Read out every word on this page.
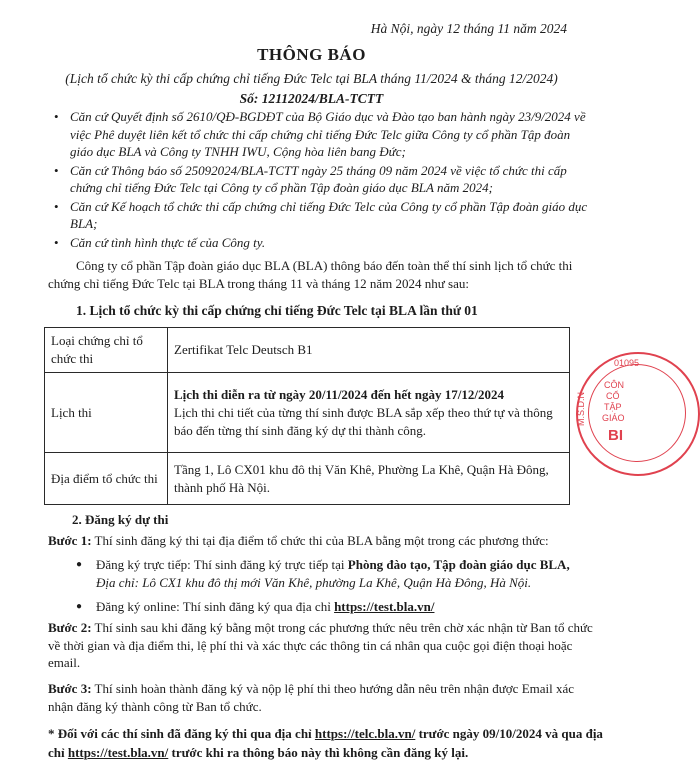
Hà Nội, ngày 12 tháng 11 năm 2024
THÔNG BÁO
(Lịch tổ chức kỳ thi cấp chứng chỉ tiếng Đức Telc tại BLA tháng 11/2024 & tháng 12/2024)
Số: 12112024/BLA-TCTT
• Căn cứ Quyết định số 2610/QĐ-BGDĐT của Bộ Giáo dục và Đào tạo ban hành ngày 23/9/2024 về việc Phê duyệt liên kết tổ chức thi cấp chứng chỉ tiếng Đức Telc giữa Công ty cổ phần Tập đoàn giáo dục BLA và Công ty TNHH IWU, Cộng hòa liên bang Đức;
• Căn cứ Thông báo số 25092024/BLA-TCTT ngày 25 tháng 09 năm 2024 về việc tổ chức thi cấp chứng chỉ tiếng Đức Telc tại Công ty cổ phần Tập đoàn giáo dục BLA năm 2024;
• Căn cứ Kế hoạch tổ chức thi cấp chứng chỉ tiếng Đức Telc của Công ty cổ phần Tập đoàn giáo dục BLA;
• Căn cứ tình hình thực tế của Công ty.
Công ty cổ phần Tập đoàn giáo dục BLA (BLA) thông báo đến toàn thể thí sinh lịch tổ chức thi chứng chỉ tiếng Đức Telc tại BLA trong tháng 11 và tháng 12 năm 2024 như sau:
1. Lịch tổ chức kỳ thi cấp chứng chỉ tiếng Đức Telc tại BLA lần thứ 01
Loại chứng chỉ tổ chức thi	Zertifikat Telc Deutsch B1
Lịch thi	Lịch thi diễn ra từ ngày 20/11/2024 đến hết ngày 17/12/2024
Lịch thi chi tiết của từng thí sinh được BLA sắp xếp theo thứ tự và thông báo đến từng thí sinh đăng ký dự thi thành công.

Địa điểm tổ chức thi	Tầng 1, Lô CX01 khu đô thị Văn Khê, Phường La Khê, Quận Hà Đông, thành phố Hà Nội.
2. Đăng ký dự thi
Bước 1: Thí sinh đăng ký thi tại địa điểm tổ chức thi của BLA bằng một trong các phương thức:
● Đăng ký trực tiếp: Thí sinh đăng ký trực tiếp tại Phòng đào tạo, Tập đoàn giáo dục BLA,
Địa chỉ: Lô CX1 khu đô thị mới Văn Khê, phường La Khê, Quận Hà Đông, Hà Nội.
● Đăng ký online: Thí sinh đăng ký qua địa chỉ https://test.bla.vn/
Bước 2: Thí sinh sau khi đăng ký bằng một trong các phương thức nêu trên chờ xác nhận từ Ban tổ chức về thời gian và địa điểm thi, lệ phí thi và xác thực các thông tin cá nhân qua cuộc gọi điện thoại hoặc email.
Bước 3: Thí sinh hoàn thành đăng ký và nộp lệ phí thi theo hướng dẫn nêu trên nhận được Email xác nhận đăng ký thành công từ Ban tổ chức.
* Đối với các thí sinh đã đăng ký thi qua địa chỉ https://telc.bla.vn/ trước ngày 09/10/2024 và qua địa chỉ https://test.bla.vn/ trước khi ra thông báo này thì không cần đăng ký lại.
01095
M.S.D.N
CÔN
CỔ
TẬP
GIÁO
BI
